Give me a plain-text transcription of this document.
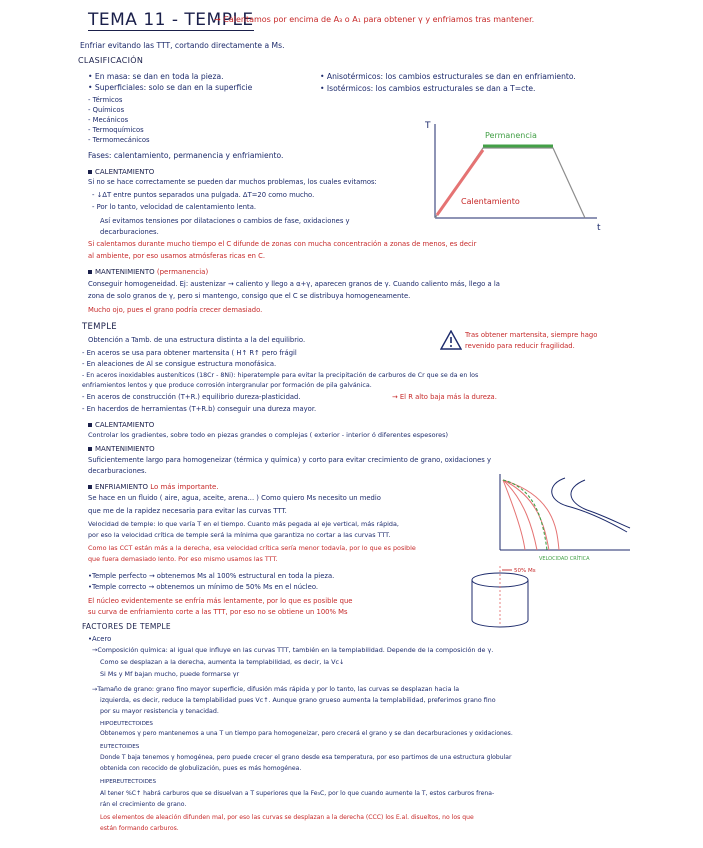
TEMA 11 - TEMPLE
→ Calentamos por encima de A₃ o A₁ para obtener γ y enfriamos tras mantener.
Enfriar evitando las TTT, cortando directamente a Ms.
CLASIFICACIÓN
• En masa: se dan en toda la pieza.
• Superficiales: solo se dan en la superficie
- Térmicos
- Químicos
- Mecánicos
- Termoquímicos
- Termomecánicos
• Anisotérmicos: los cambios estructurales se dan en enfriamiento.
• Isotérmicos: los cambios estructurales se dan a T=cte.
T
t
Permanencia
Calentamiento
Fases: calentamiento, permanencia y enfriamiento.
CALENTAMIENTO
Si no se hace correctamente se pueden dar muchos problemas, los cuales evitamos:
- ↓ΔT entre puntos separados una pulgada. ΔT=20 como mucho.
- Por lo tanto, velocidad de calentamiento lenta.
Así evitamos tensiones por dilataciones o cambios de fase, oxidaciones y
decarburaciones.
Si calentamos durante mucho tiempo el C difunde de zonas con mucha concentración a zonas de menos, es decir
al ambiente, por eso usamos atmósferas ricas en C.
MANTENIMIENTO (permanencia)
Conseguir homogeneidad. Ej: austenizar → caliento y llego a α+γ, aparecen granos de γ. Cuando caliento más, llego a la
zona de solo granos de γ, pero si mantengo, consigo que el C se distribuya homogeneamente.
Mucho ojo, pues el grano podría crecer demasiado.
TEMPLE
Obtención a Tamb. de una estructura distinta a la del equilibrio.
Tras obtener martensita, siempre hago
revenido para reducir fragilidad.
- En aceros se usa para obtener martensita ( H↑ R↑ pero frágil
- En aleaciones de Al se consigue estructura monofásica.
- En aceros inoxidables austeníticos (18Cr - 8Ni): hiperatemple para evitar la precipitación de carburos de Cr que se da en los
enfriamientos lentos y que produce corrosión intergranular por formación de pila galvánica.
- En aceros de construcción (T+R.) equilibrio dureza-plasticidad.	→ El R alto baja más la dureza.
- En hacerdos de herramientas (T+R.b) conseguir una dureza mayor.
CALENTAMIENTO
Controlar los gradientes, sobre todo en piezas grandes o complejas ( exterior - interior ó diferentes espesores)
MANTENIMIENTO
Suficientemente largo para homogeneizar (térmica y química) y corto para evitar crecimiento de grano, oxidaciones y
decarburaciones.
ENFRIAMIENTO Lo más importante.
Se hace en un fluido ( aire, agua, aceite, arena... ) Como quiero Ms necesito un medio
que me de la rapidez necesaria para evitar las curvas TTT.
Velocidad de temple: lo que varía T en el tiempo. Cuanto más pegada al eje vertical, más rápida,
por eso la velocidad crítica de temple será la mínima que garantiza no cortar a las curvas TTT.
Como las CCT están más a la derecha, esa velocidad crítica sería menor todavía, por lo que es posible
que fuera demasiado lento. Por eso mismo usamos las TTT.	VELOCIDAD CRÍTICA
50% Ms
•Temple perfecto → obtenemos Ms al 100% estructural en toda la pieza.
•Temple correcto → obtenemos un mínimo de 50% Ms en el núcleo.
El núcleo evidentemente se enfría más lentamente, por lo que es posible que
su curva de enfriamiento corte a las TTT, por eso no se obtiene un 100% Ms
FACTORES DE TEMPLE
•Acero
→Composición química: al igual que influye en las curvas TTT, también en la templabilidad. Depende de la composición de γ.
Como se desplazan a la derecha, aumenta la templabilidad, es decir, la Vc↓
Si Ms y Mf bajan mucho, puede formarse γr
→Tamaño de grano: grano fino mayor superficie, difusión más rápida y por lo tanto, las curvas se desplazan hacia la
izquierda, es decir, reduce la templabilidad pues Vc↑. Aunque grano grueso aumenta la templabilidad, preferimos grano fino
por su mayor resistencia y tenacidad.
HIPOEUTECTOIDES
Obtenemos γ pero mantenemos a una T un tiempo para homogeneizar, pero crecerá el grano y se dan decarburaciones y oxidaciones.
EUTECTOIDES
Donde T baja tenemos γ homogénea, pero puede crecer el grano desde esa temperatura, por eso partimos de una estructura globular
obtenida con recocido de globulización, pues es más homogénea.
HIPEREUTECTOIDES
Al tener %C↑ habrá carburos que se disuelvan a T superiores que la Fe₃C, por lo que cuando aumente la T, estos carburos frena-
rán el crecimiento de grano.
Los elementos de aleación difunden mal, por eso las curvas se desplazan a la derecha (CCC) los E.al. disueltos, no los que
están formando carburos.
